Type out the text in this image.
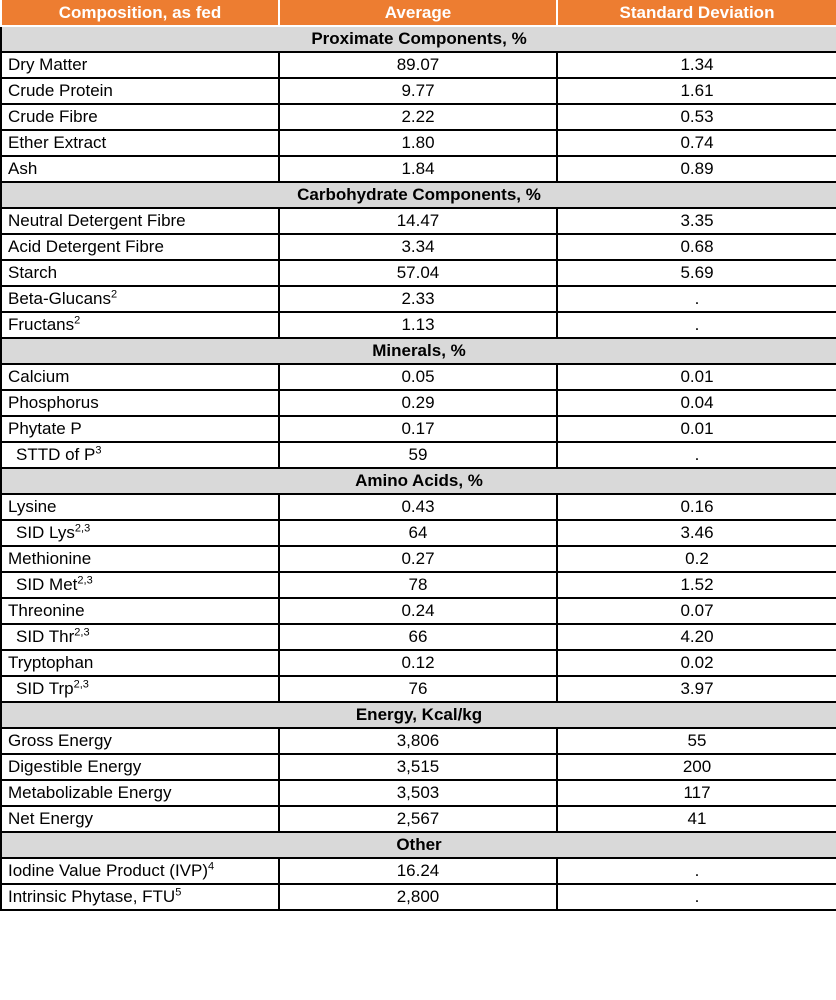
Composition, as fed	Average	Standard Deviation
Proximate Components, %		
Dry Matter	89.07	1.34
Crude Protein	9.77	1.61
Crude Fibre	2.22	0.53
Ether Extract	1.80	0.74
Ash	1.84	0.89
Carbohydrate Components, %		
Neutral Detergent Fibre	14.47	3.35
Acid Detergent Fibre	3.34	0.68
Starch	57.04	5.69
Beta-Glucans$^2$	2.33	.
Fructans$^2$	1.13	.
Minerals, %		
Calcium	0.05	0.01
Phosphorus	0.29	0.04
Phytate P	0.17	0.01
STTD of $P^3$	59	.
Amino Acids, %		
Lysine	0.43	0.16
SID Lys$^{2,3}$	64	3.46
Methionine	0.27	0.2
SID Met$^{2,3}$	78	1.52
Threonine	0.24	0.07
SID Thr$^{2,3}$	66	4.20
Tryptophan	0.12	0.02
SID Trp$^{2,3}$	76	3.97
Energy, Kcal/kg		
Gross Energy	3,806	55
Digestible Energy	3,515	200
Metabolizable Energy	3,503	117
Net Energy	2,567	41
Other		
Iodine Value Product (IVP)$^4$	16.24	.
Intrinsic Phytase, FTU$^5$	2,800	.
